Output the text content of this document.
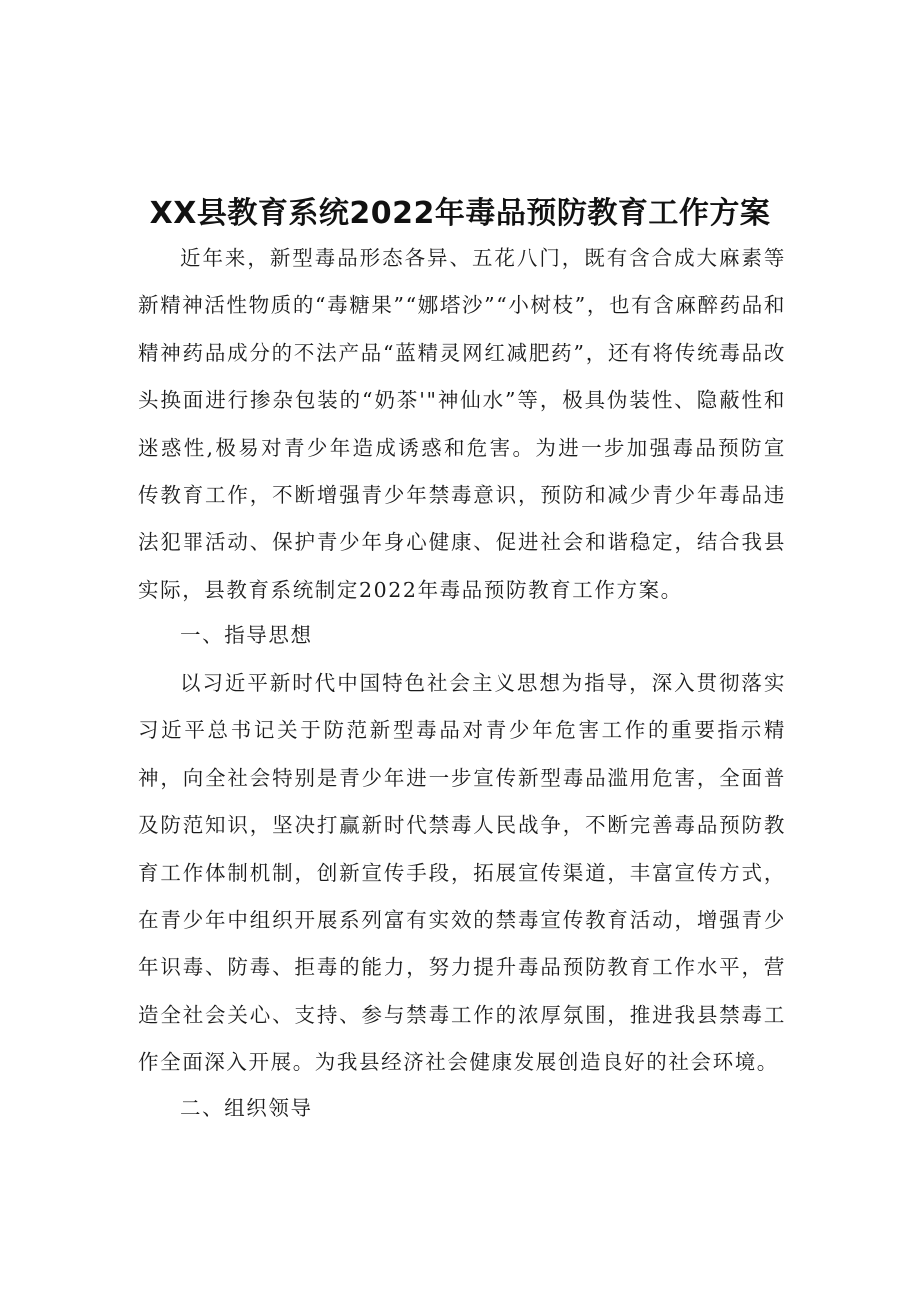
XX县教育系统2022年毒品预防教育工作方案

近年来，新型毒品形态各异、五花八门，既有含合成大麻素等新精神活性物质的“毒糖果”“娜塔沙”“小树枝”，也有含麻醉药品和精神药品成分的不法产品“蓝精灵网红减肥药”，还有将传统毒品改头换面进行掺杂包装的“奶茶'"神仙水”等，极具伪装性、隐蔽性和迷惑性,极易对青少年造成诱惑和危害。为进一步加强毒品预防宣传教育工作，不断增强青少年禁毒意识，预防和减少青少年毒品违法犯罪活动、保护青少年身心健康、促进社会和谐稳定，结合我县实际，县教育系统制定2022年毒品预防教育工作方案。

一、指导思想

以习近平新时代中国特色社会主义思想为指导，深入贯彻落实习近平总书记关于防范新型毒品对青少年危害工作的重要指示精神，向全社会特别是青少年进一步宣传新型毒品滥用危害，全面普及防范知识，坚决打赢新时代禁毒人民战争，不断完善毒品预防教育工作体制机制，创新宣传手段，拓展宣传渠道，丰富宣传方式，在青少年中组织开展系列富有实效的禁毒宣传教育活动，增强青少年识毒、防毒、拒毒的能力，努力提升毒品预防教育工作水平，营造全社会关心、支持、参与禁毒工作的浓厚氛围，推进我县禁毒工作全面深入开展。为我县经济社会健康发展创造良好的社会环境。

二、组织领导
